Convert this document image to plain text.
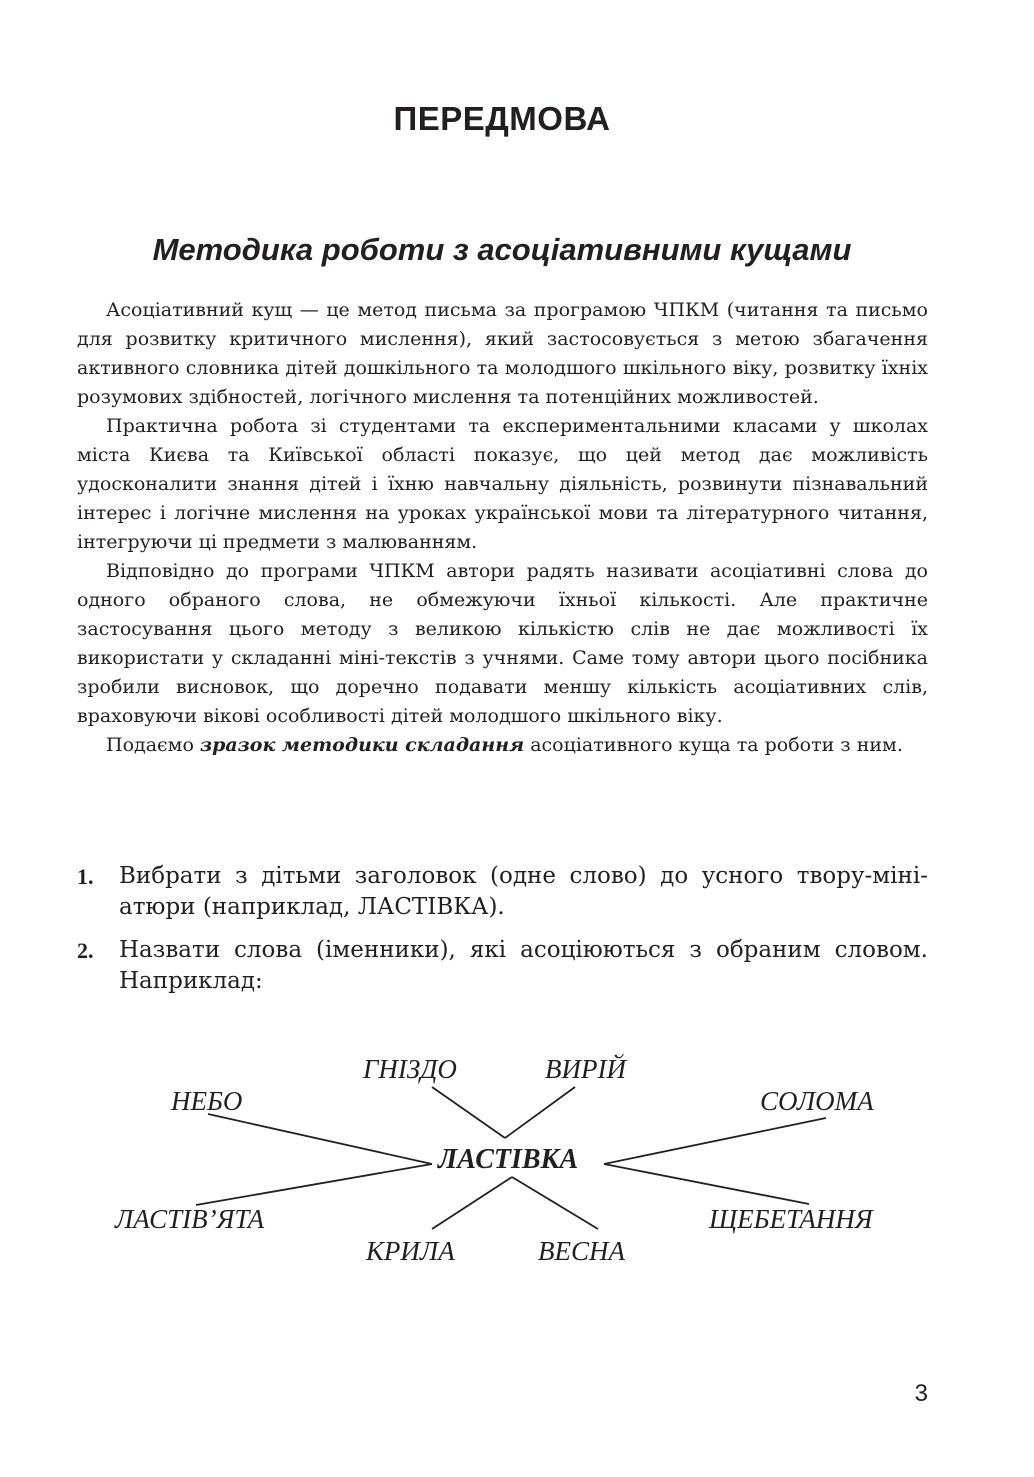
ПЕРЕДМОВА
Методика роботи з асоціативними кущами

Асоціативний кущ — це метод письма за програмою ЧПКМ (читання та письмо для розвитку критичного мислення), який застосовується з метою збагачення активного словника дітей дошкільного та молодшого шкільного віку, розвитку їхніх розумових здібностей, логічного мислення та потенційних можливостей.

Практична робота зі студентами та експериментальними класами у школах міста Києва та Київської області показує, що цей метод дає можливість удосконалити знання дітей і їхню навчальну діяльність, розвинути пізнавальний інтерес і логічне мислення на уроках української мови та літературного читання, інтегруючи ці предмети з малюванням.

Відповідно до програми ЧПКМ автори радять називати асоціативні слова до одного обраного слова, не обмежуючи їхньої кількості. Але практичне застосування цього методу з великою кількістю слів не дає можливості їх використати у складанні міні-текстів з учнями. Саме тому автори цього посібника зробили висновок, що доречно подавати меншу кількість асоціативних слів, враховуючи вікові особливості дітей молодшого шкільного віку.

Подаємо зразок методики складання асоціативного куща та роботи з ним.

1.	Вибрати з дітьми заголовок (одне слово) до усного твору-мініатюри (наприклад, ЛАСТІВКА).
2.	Назвати слова (іменники), які асоціюються з обраним словом. Наприклад:
ГНІЗДО	ВИРІЙ
НЕБО	СОЛОМА
ЛАСТІВКА
ЛАСТІВ’ЯТА	ЩЕБЕТАННЯ
КРИЛА	ВЕСНА
3
